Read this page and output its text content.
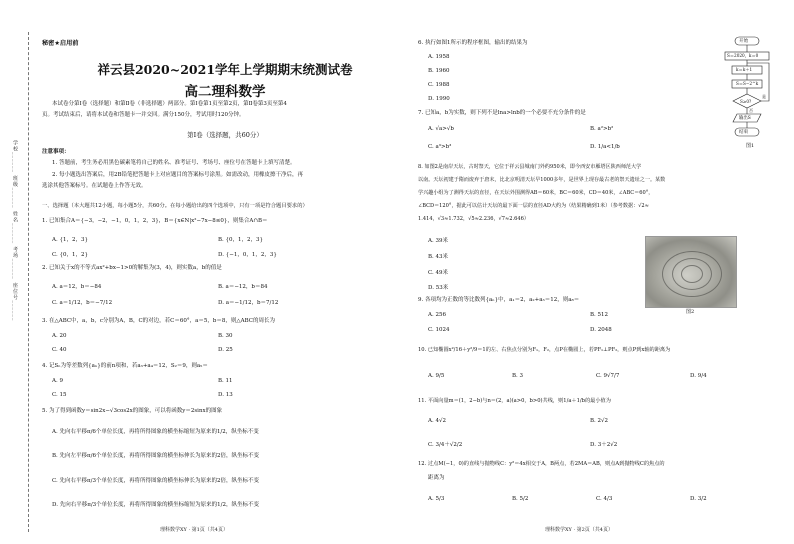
学校______ 班级______ 姓名______ 考场______ 座位号______
秘密★启用前
祥云县2020~2021学年上学期期末统测试卷
高二理科数学
本试卷分第Ⅰ卷（选择题）和第Ⅱ卷（非选择题）两部分。第Ⅰ卷第1页至第2页，第Ⅱ卷第3页至第4
页。考试结束后，请将本试卷和答题卡一并交回。满分150分，考试用时120分钟。
第Ⅰ卷（选择题，共60分）
注意事项：
1. 答题前，考生务必用黑色碳素笔将自己的姓名、准考证号、考场号、座位号在答题卡上填写清楚。
2. 每小题选出答案后，用2B铅笔把答题卡上对应题目的答案标号涂黑。如需改动，用橡皮擦干净后，再
选涂其他答案标号。在试题卷上作答无效。
一、选择题（本大题共12小题，每小题5分，共60分。在每小题给出的四个选项中，只有一项是符合题目要求的）
1. 已知集合A＝{−3，−2，−1，0，1，2，3}，B＝{x∈N|x²−7x−8≤0}，则集合A∩B＝
A. {1，2，3}	B. {0，1，2，3}
C. {0，1，2}	D. {−1，0，1，2，3}
2. 已知关于x的不等式ax²+bx−1>0的解集为(3，4)，则实数a，b的值是
A. a＝12，b＝−84	B. a＝−12，b＝84
C. a＝1/12，b＝−7/12	D. a＝−1/12，b＝7/12
3. 在△ABC中，a，b，c分别为A，B，C的对边，若C＝60°，a＝5，b＝8，则△ABC的周长为
A. 20	B. 30
C. 40	D. 25
4. 记Sₙ为等差数列{aₙ}的前n项和，若a₃+a₄＝12，S₂＝9，则a₅＝
A. 9	B. 11
C. 15	D. 13
5. 为了得到函数y＝sin2x−√3cos2x的图象，可以将函数y＝2sinx的图象
A. 先向右平移π/6个单位长度，再将所得图象的横坐标缩短为原来的1/2，纵坐标不变
B. 先向左平移π/6个单位长度，再将所得图象的横坐标伸长为原来的2倍，纵坐标不变
C. 先向右平移π/3个单位长度，再将所得图象的横坐标伸长为原来的2倍，纵坐标不变
D. 先向右平移π/3个单位长度，再将所得图象的横坐标缩短为原来的1/2，纵坐标不变
理科数学XY · 第1页（共4页）
6. 执行如图1所示的程序框图，输出的结果为
A. 1958
B. 1960
C. 1988
D. 1990
开始
S＝2020，k＝0
k＝k＋1
S＝S−2^k
S≥0?
是
否
输出S
结束
图1
7. 已知a，b为实数，则下列不是lna>lnb的一个必要不充分条件的是
A. √a>√b	B. a²>b²
C. a³>b³	D. 1/a<1/b
8. 如图2是南岸天坛，古时祭天，它位于祥云县城南门外约950米，即今西安市雁塔区陕西师范大学
以南。天坛初建于隋而废弃于唐末，比北京明清天坛早1000多年，是世界上现存最古老的祭天遗址之一。某数
学兴趣小组为了测得天坛的直径，在天坛外围测得AB＝60米，BC＝60米，CD＝40米，∠ABC＝60°，
∠BCD＝120°，据此可以估计天坛的最下面一层的直径AD大约为（结果精确到1米）（参考数据：√2≈
1.414，√3≈1.732，√5≈2.236，√7≈2.646）
A. 39米
B. 43米
C. 49米
D. 53米
图2
9. 各项均为正数的等比数列{aₙ}中，a₁＝2，a₂+a₃＝12，则a₈＝
A. 256	B. 512
C. 1024	D. 2048
10. 已知椭圆x²/16＋y²/9＝1的左、右焦点分别为F₁，F₂，点P在椭圆上，若PF₁⊥PF₂，则点P到x轴的距离为
A. 9/5	B. 3	C. 9√7/7	D. 9/4
11. 平面向量m＝(1，2−b)与n＝(2，a)(a>0，b>0)共线，则1/a＋1/b的最小值为
A. 4√2	B. 2√2
C. 3/4＋√2/2	D. 3＋2√2
12. 过点M(−1，0)的直线与抛物线C：y²＝4x相交于A，B两点，若2MA＝AB，则点A到抛物线C的焦点的
距离为
A. 5/3	B. 5/2	C. 4/3	D. 3/2
理科数学XY · 第2页（共4页）
